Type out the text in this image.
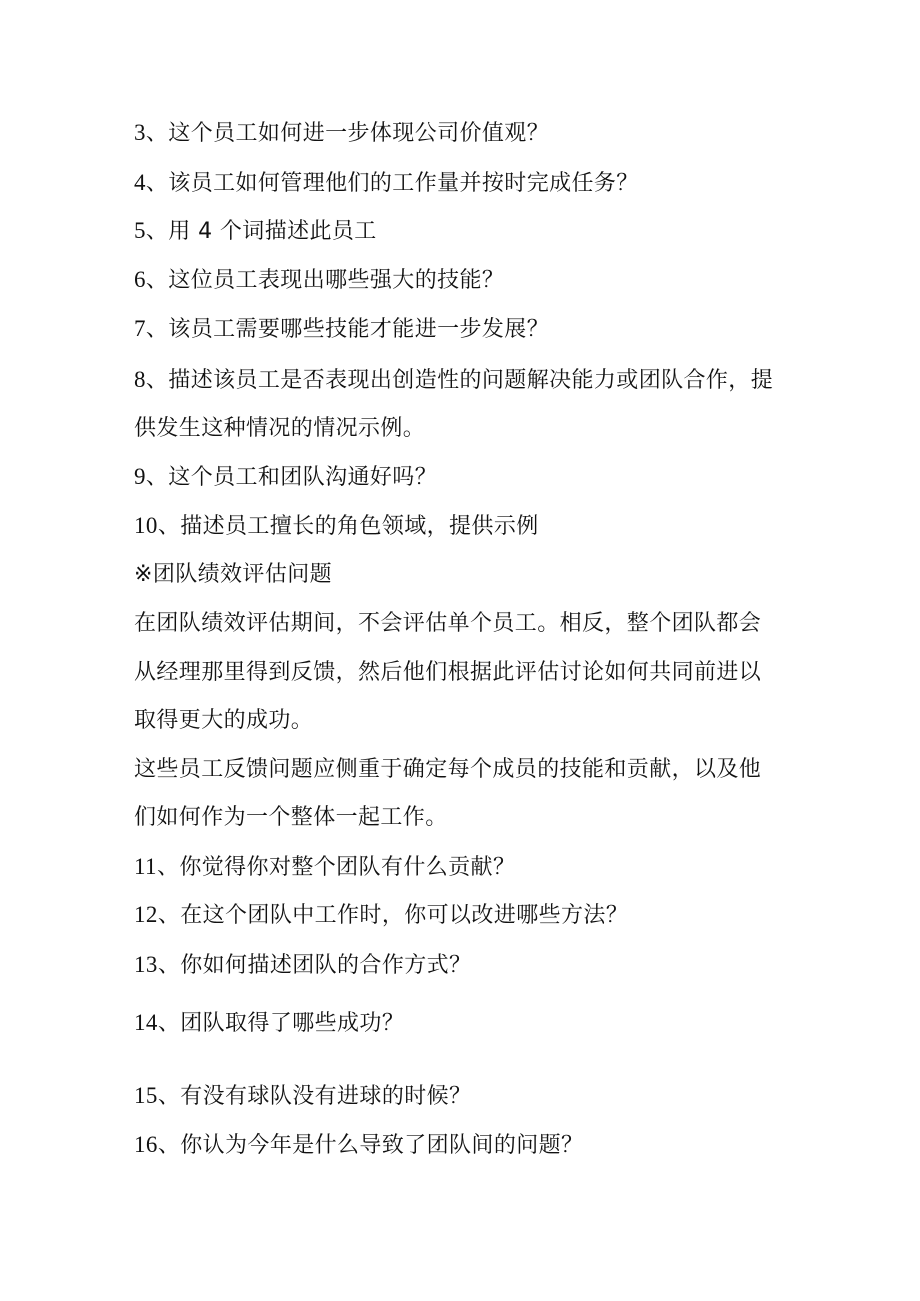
3、这个员工如何进一步体现公司价值观？
4、该员工如何管理他们的工作量并按时完成任务？
5、用 4 个词描述此员工
6、这位员工表现出哪些强大的技能？
7、该员工需要哪些技能才能进一步发展？
8、描述该员工是否表现出创造性的问题解决能力或团队合作，提
供发生这种情况的情况示例。
9、这个员工和团队沟通好吗？
10、描述员工擅长的角色领域，提供示例
※团队绩效评估问题
在团队绩效评估期间，不会评估单个员工。相反，整个团队都会
从经理那里得到反馈，然后他们根据此评估讨论如何共同前进以
取得更大的成功。
这些员工反馈问题应侧重于确定每个成员的技能和贡献，以及他
们如何作为一个整体一起工作。
11、你觉得你对整个团队有什么贡献？
12、在这个团队中工作时，你可以改进哪些方法？
13、你如何描述团队的合作方式？
14、团队取得了哪些成功？
15、有没有球队没有进球的时候？
16、你认为今年是什么导致了团队间的问题？
